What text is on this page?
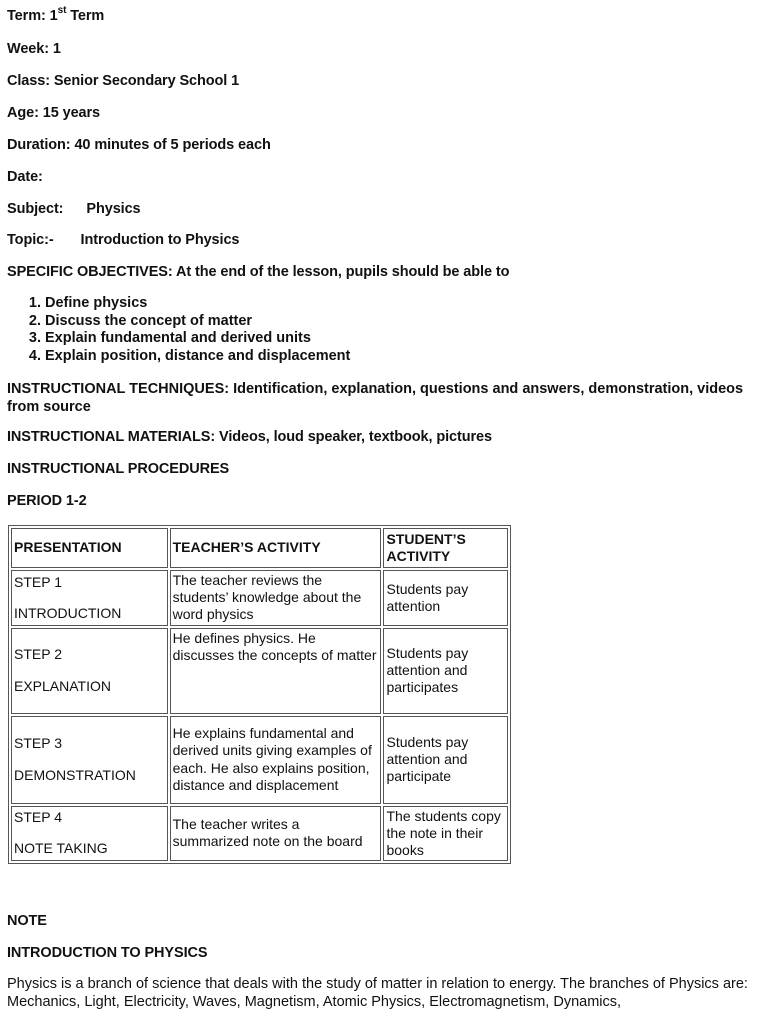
Term: 1st Term
Week: 1
Class: Senior Secondary School 1
Age: 15 years
Duration: 40 minutes of 5 periods each
Date:
Subject: Physics
Topic:- Introduction to Physics
SPECIFIC OBJECTIVES: At the end of the lesson, pupils should be able to
1. Define physics
2. Discuss the concept of matter
3. Explain fundamental and derived units
4. Explain position, distance and displacement
INSTRUCTIONAL TECHNIQUES: Identification, explanation, questions and answers, demonstration, videos from source
INSTRUCTIONAL MATERIALS: Videos, loud speaker, textbook, pictures
INSTRUCTIONAL PROCEDURES
PERIOD 1-2
PRESENTATION	TEACHER’S ACTIVITY	STUDENT’S ACTIVITY

STEP 1
INTRODUCTION	The teacher reviews the students’ knowledge about the word physics	Students pay attention

STEP 2
EXPLANATION	He defines physics. He discusses the concepts of matter	Students pay attention and participates

STEP 3
DEMONSTRATION	He explains fundamental and derived units giving examples of each. He also explains position, distance and displacement	Students pay attention and participate

STEP 4
NOTE TAKING	The teacher writes a summarized note on the board	The students copy the note in their books
NOTE
INTRODUCTION TO PHYSICS
Physics is a branch of science that deals with the study of matter in relation to energy. The branches of Physics are: Mechanics, Light, Electricity, Waves, Magnetism, Atomic Physics, Electromagnetism, Dynamics,
